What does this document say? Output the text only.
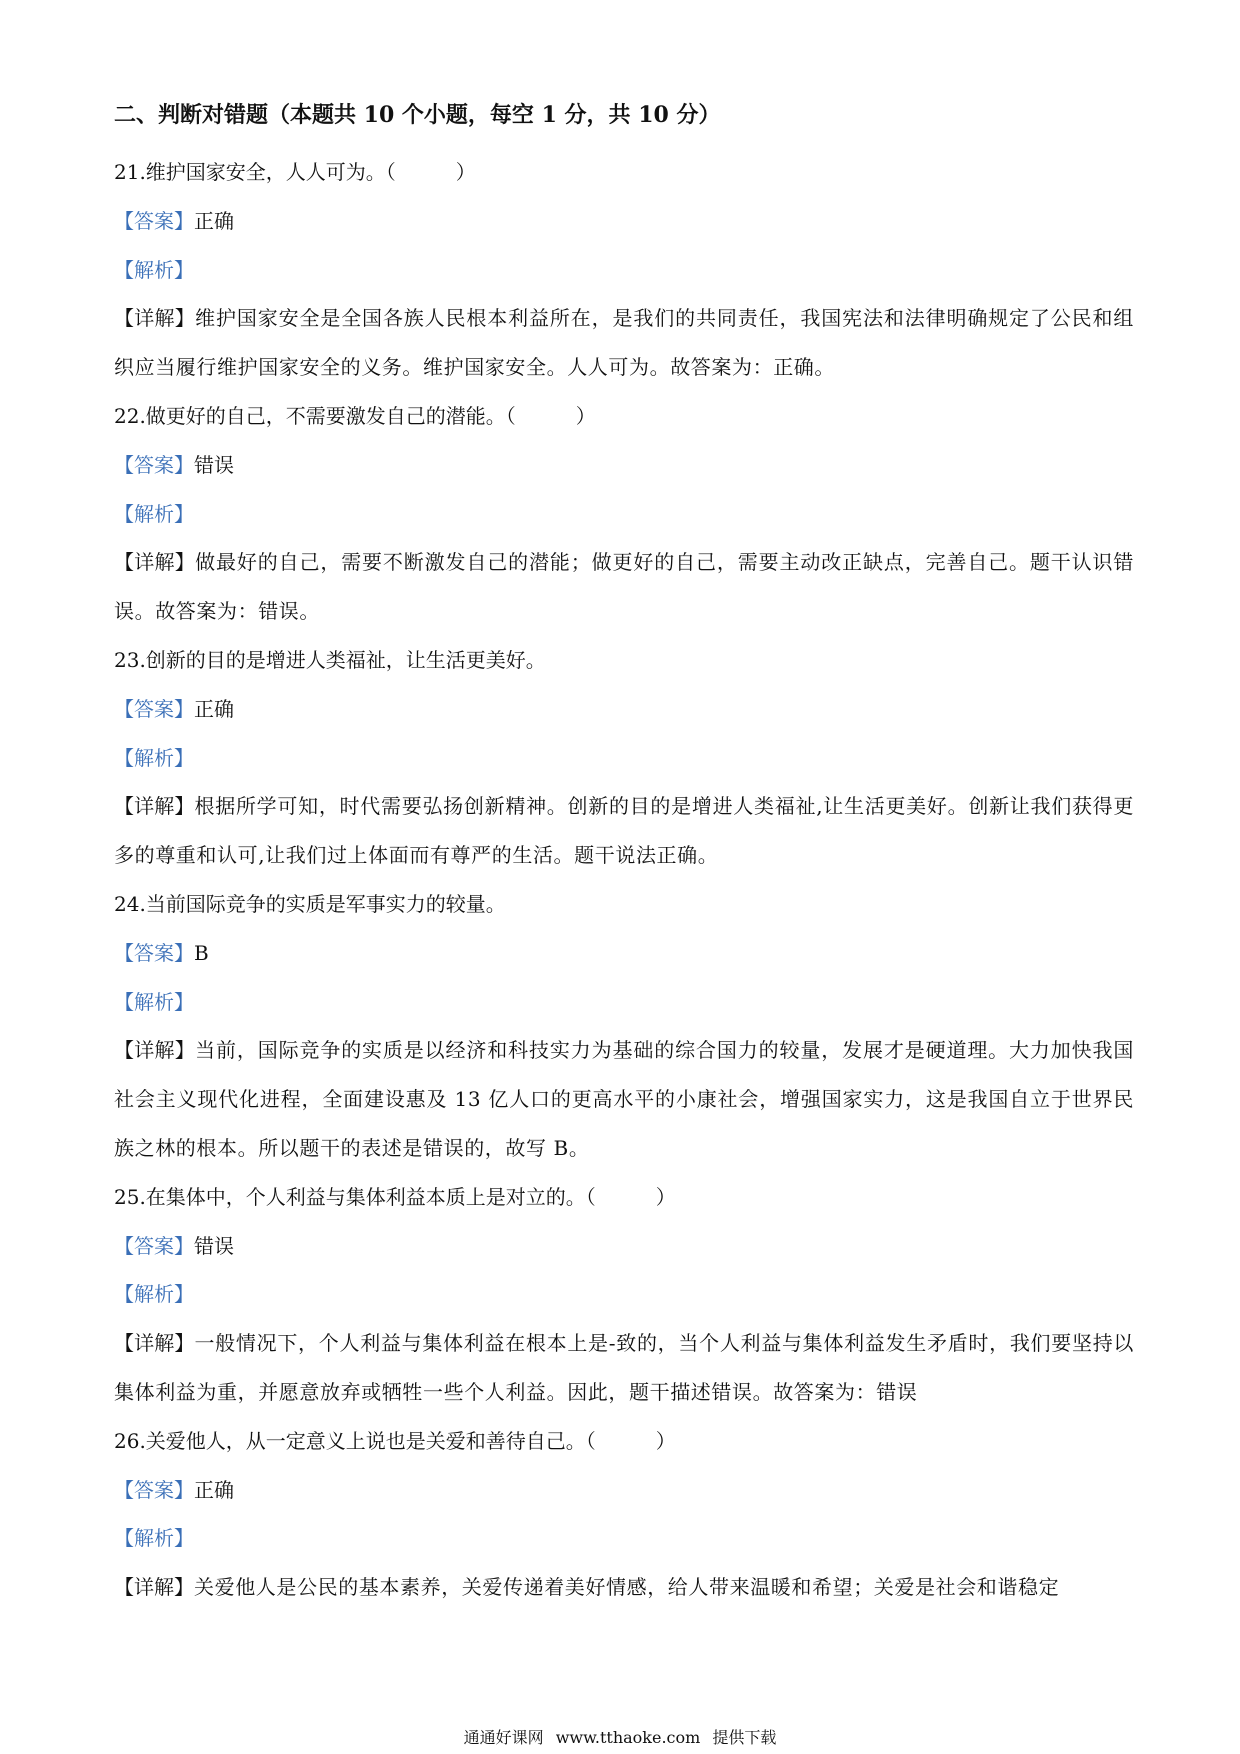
二、判断对错题（本题共 10 个小题，每空 1 分，共 10 分）

21.维护国家安全，人人可为。（　　　）

【答案】正确

【解析】

【详解】维护国家安全是全国各族人民根本利益所在，是我们的共同责任，我国宪法和法律明确规定了公民和组织应当履行维护国家安全的义务。维护国家安全。人人可为。故答案为：正确。

22.做更好的自己，不需要激发自己的潜能。（　　　）

【答案】错误

【解析】

【详解】做最好的自己，需要不断激发自己的潜能；做更好的自己，需要主动改正缺点，完善自己。题干认识错误。故答案为：错误。

23.创新的目的是增进人类福祉，让生活更美好。

【答案】正确

【解析】

【详解】根据所学可知，时代需要弘扬创新精神。创新的目的是增进人类福祉,让生活更美好。创新让我们获得更多的尊重和认可,让我们过上体面而有尊严的生活。题干说法正确。

24.当前国际竞争的实质是军事实力的较量。

【答案】B

【解析】

【详解】当前，国际竞争的实质是以经济和科技实力为基础的综合国力的较量，发展才是硬道理。大力加快我国社会主义现代化进程，全面建设惠及 13 亿人口的更高水平的小康社会，增强国家实力，这是我国自立于世界民族之林的根本。所以题干的表述是错误的，故写 B。

25.在集体中，个人利益与集体利益本质上是对立的。（　　　）

【答案】错误

【解析】

【详解】一般情况下，个人利益与集体利益在根本上是-致的，当个人利益与集体利益发生矛盾时，我们要坚持以集体利益为重，并愿意放弃或牺牲一些个人利益。因此，题干描述错误。故答案为：错误

26.关爱他人，从一定意义上说也是关爱和善待自己。（　　　）

【答案】正确

【解析】

【详解】关爱他人是公民的基本素养，关爱传递着美好情感，给人带来温暖和希望；关爱是社会和谐稳定

通通好课网 www.tthaoke.com 提供下载
